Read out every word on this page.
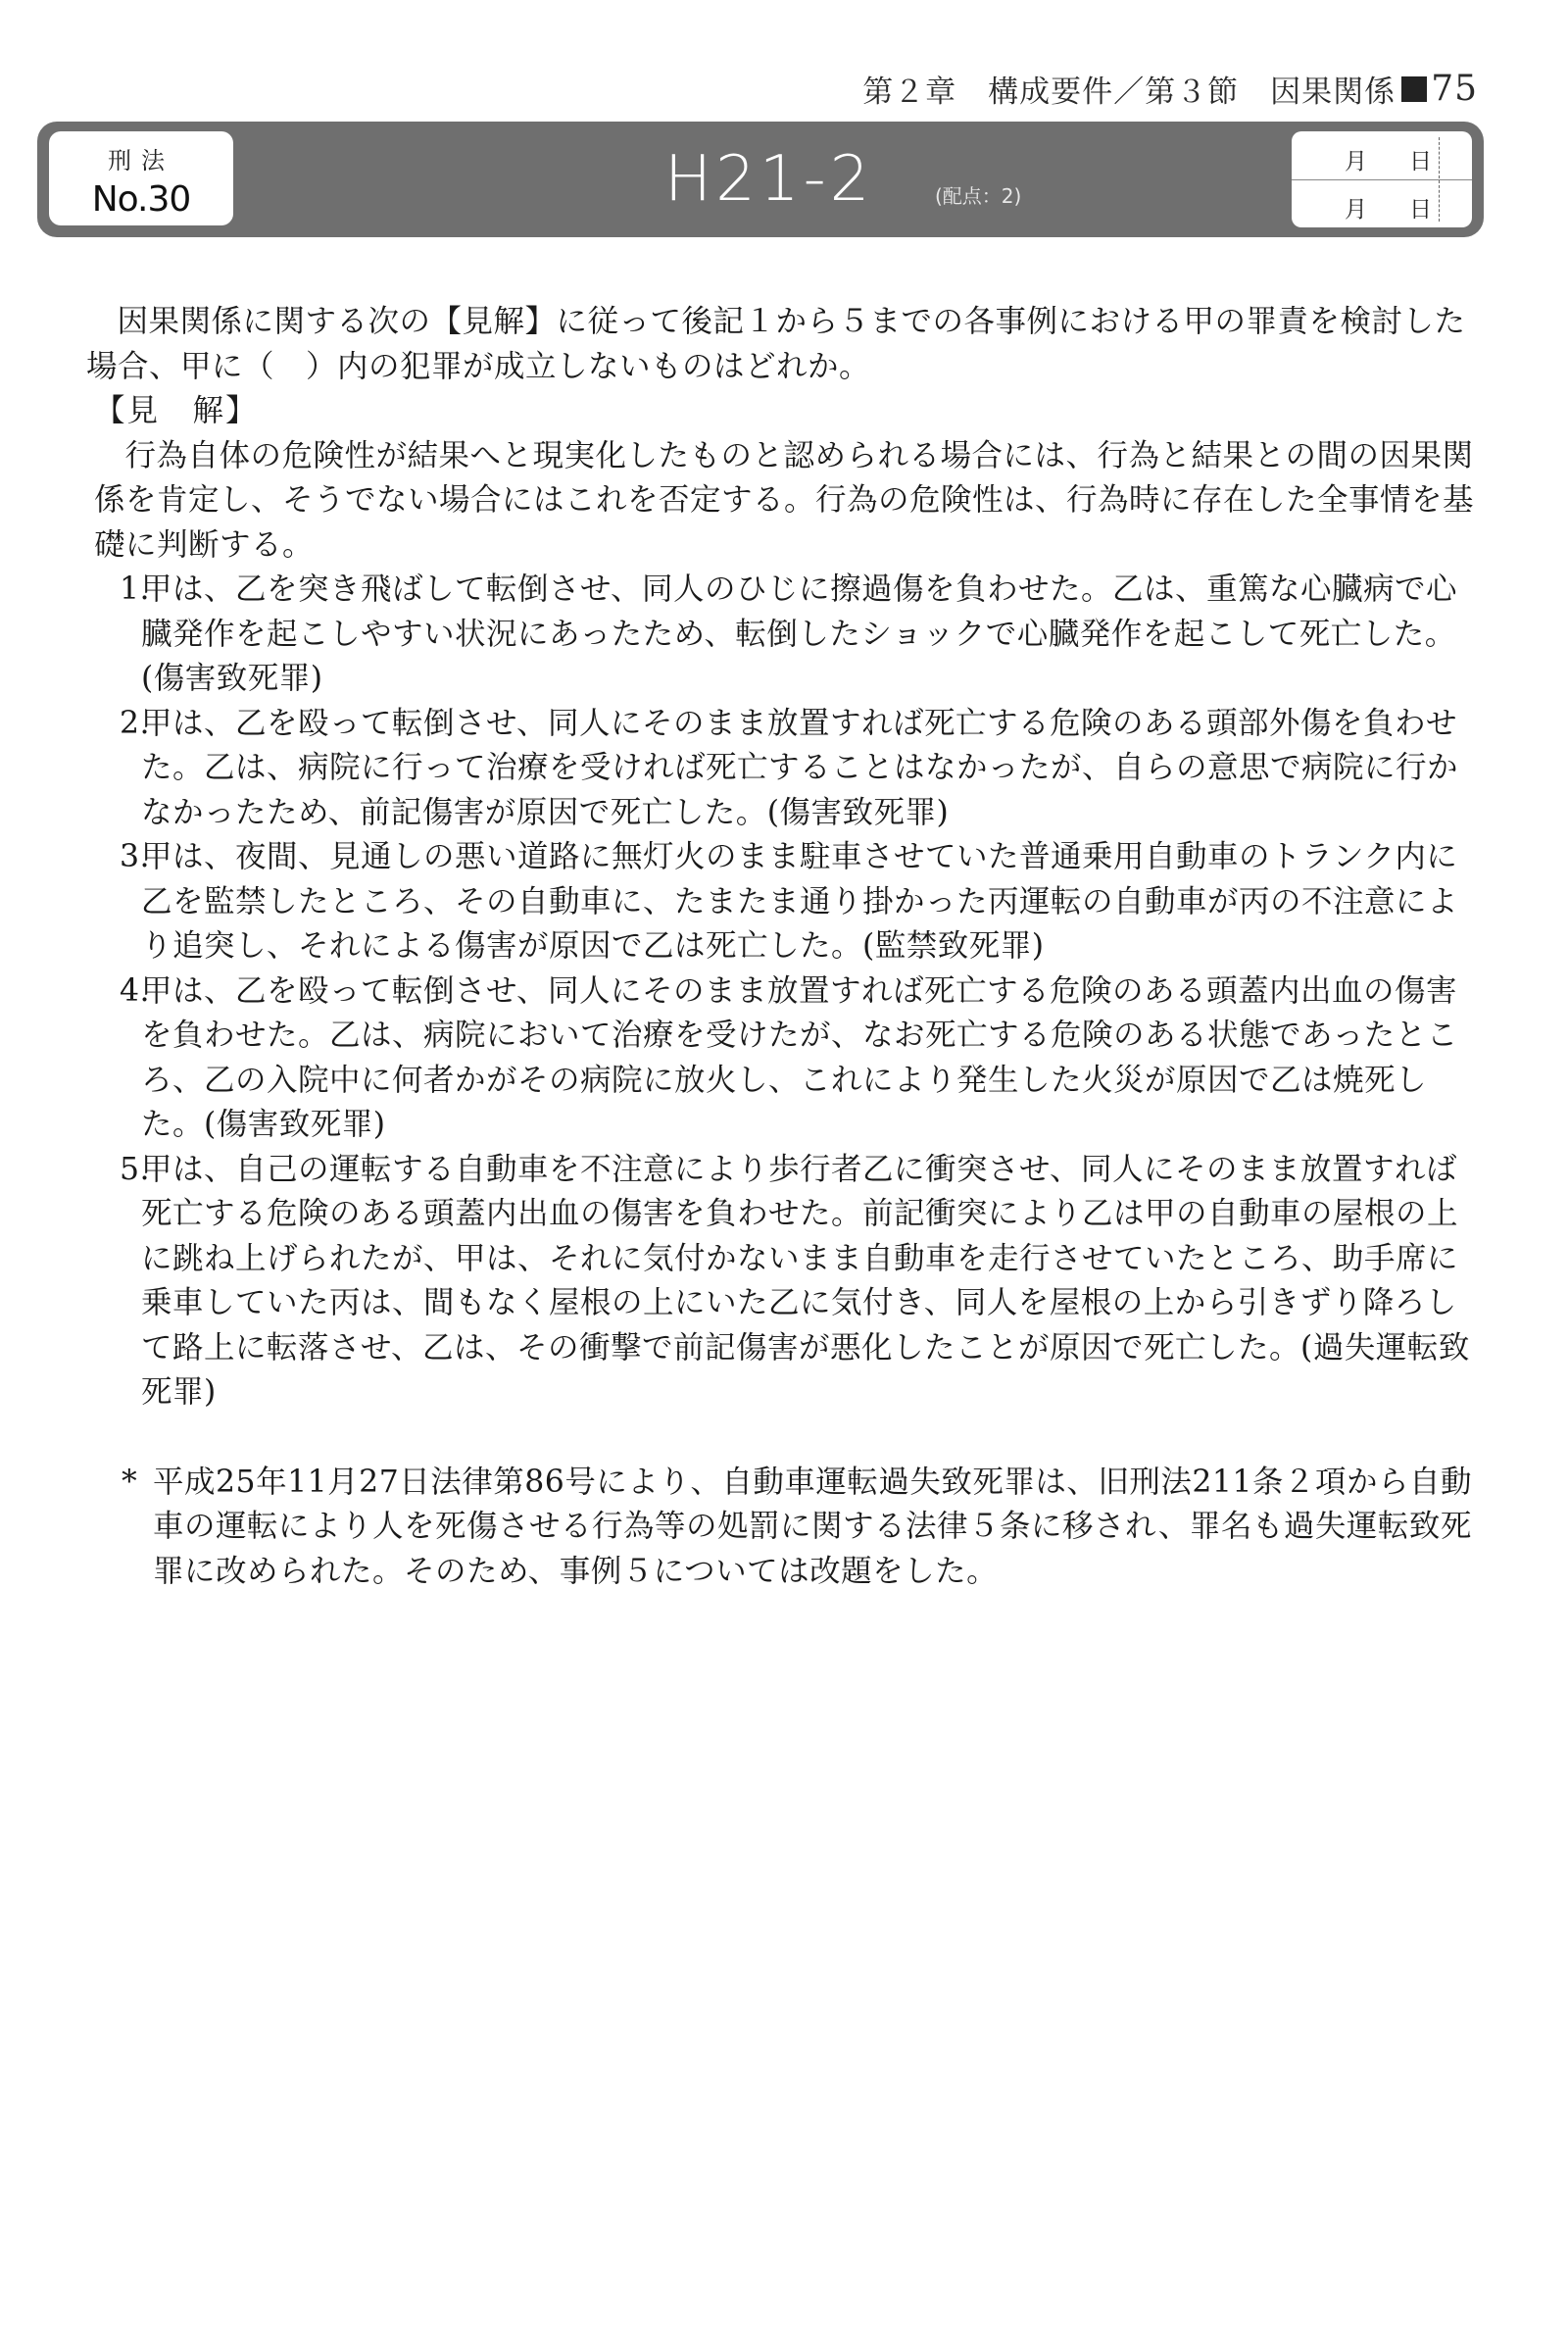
第２章　構成要件／第３節　因果関係 75
刑法
No.30	H21-2	(配点：2)
月 日
月 日

因果関係に関する次の【見解】に従って後記１から５までの各事例における甲の罪責を検討した場合、甲に（　）内の犯罪が成立しないものはどれか。

【見　解】

行為自体の危険性が結果へと現実化したものと認められる場合には、行為と結果との間の因果関係を肯定し、そうでない場合にはこれを否定する。行為の危険性は、行為時に存在した全事情を基礎に判断する。

1.
甲は、乙を突き飛ばして転倒させ、同人のひじに擦過傷を負わせた。乙は、重篤な心臓病で心臓発作を起こしやすい状況にあったため、転倒したショックで心臓発作を起こして死亡した。(傷害致死罪)
2.
甲は、乙を殴って転倒させ、同人にそのまま放置すれば死亡する危険のある頭部外傷を負わせた。乙は、病院に行って治療を受ければ死亡することはなかったが、自らの意思で病院に行かなかったため、前記傷害が原因で死亡した。(傷害致死罪)
3.
甲は、夜間、見通しの悪い道路に無灯火のまま駐車させていた普通乗用自動車のトランク内に乙を監禁したところ、その自動車に、たまたま通り掛かった丙運転の自動車が丙の不注意により追突し、それによる傷害が原因で乙は死亡した。(監禁致死罪)
4.
甲は、乙を殴って転倒させ、同人にそのまま放置すれば死亡する危険のある頭蓋内出血の傷害を負わせた。乙は、病院において治療を受けたが、なお死亡する危険のある状態であったところ、乙の入院中に何者かがその病院に放火し、これにより発生した火災が原因で乙は焼死した。(傷害致死罪)
5.
甲は、自己の運転する自動車を不注意により歩行者乙に衝突させ、同人にそのまま放置すれば死亡する危険のある頭蓋内出血の傷害を負わせた。前記衝突により乙は甲の自動車の屋根の上に跳ね上げられたが、甲は、それに気付かないまま自動車を走行させていたところ、助手席に乗車していた丙は、間もなく屋根の上にいた乙に気付き、同人を屋根の上から引きずり降ろして路上に転落させ、乙は、その衝撃で前記傷害が悪化したことが原因で死亡した。(過失運転致死罪)
* 平成25年11月27日法律第86号により、自動車運転過失致死罪は、旧刑法211条２項から自動車の運転により人を死傷させる行為等の処罰に関する法律５条に移され、罪名も過失運転致死罪に改められた。そのため、事例５については改題をした。
